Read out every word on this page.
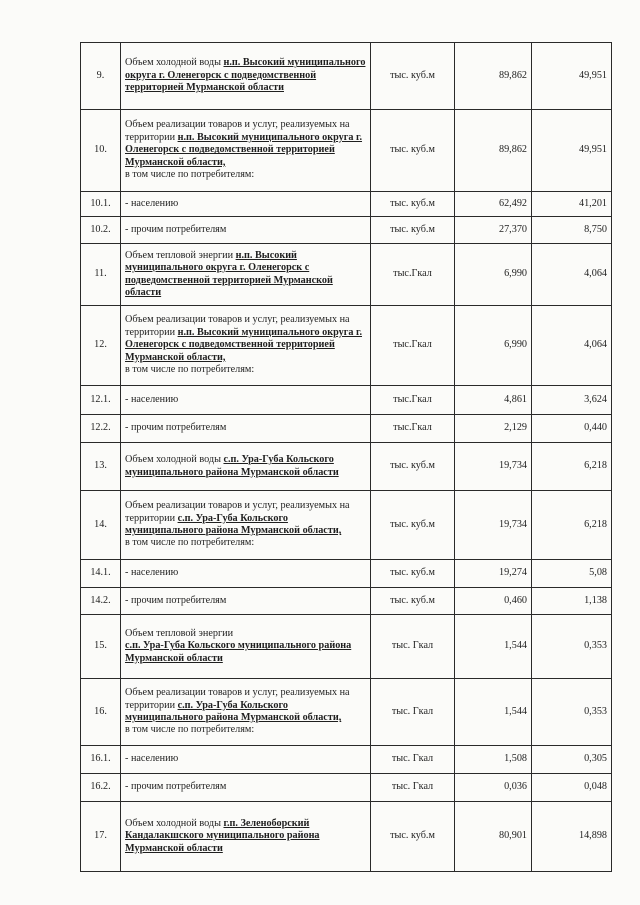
9.	Объем холодной воды н.п. Высокий муниципального округа г. Оленегорск с подведомственной территорией Мурманской области	тыс. куб.м	89,862	49,951
10.	Объем реализации товаров и услуг, реализуемых на территории н.п. Высокий муниципального округа г. Оленегорск с подведомственной территорией Мурманской области,
в том числе по потребителям:	тыс. куб.м	89,862	49,951
10.1.	- населению	тыс. куб.м	62,492	41,201
10.2.	- прочим потребителям	тыс. куб.м	27,370	8,750
11.	Объем тепловой энергии н.п. Высокий муниципального округа г. Оленегорск с подведомственной территорией Мурманской области	тыс.Гкал	6,990	4,064
12.	Объем реализации товаров и услуг, реализуемых на территории н.п. Высокий муниципального округа г. Оленегорск с подведомственной территорией Мурманской области,
в том числе по потребителям:	тыс.Гкал	6,990	4,064
12.1.	- населению	тыс.Гкал	4,861	3,624
12.2.	- прочим потребителям	тыс.Гкал	2,129	0,440
13.	Объем холодной воды с.п. Ура-Губа Кольского муниципального района Мурманской области	тыс. куб.м	19,734	6,218
14.	Объем реализации товаров и услуг, реализуемых на территории с.п. Ура-Губа Кольского муниципального района Мурманской области,
в том числе по потребителям:	тыс. куб.м	19,734	6,218
14.1.	- населению	тыс. куб.м	19,274	5,08
14.2.	- прочим потребителям	тыс. куб.м	0,460	1,138
15.	Объем тепловой энергии
с.п. Ура-Губа Кольского муниципального района Мурманской области	тыс. Гкал	1,544	0,353
16.	Объем реализации товаров и услуг, реализуемых на территории с.п. Ура-Губа Кольского муниципального района Мурманской области,
в том числе по потребителям:	тыс. Гкал	1,544	0,353
16.1.	- населению	тыс. Гкал	1,508	0,305
16.2.	- прочим потребителям	тыс. Гкал	0,036	0,048
17.	Объем холодной воды г.п. Зеленоборский Кандалакшского муниципального района Мурманской области	тыс. куб.м	80,901	14,898
